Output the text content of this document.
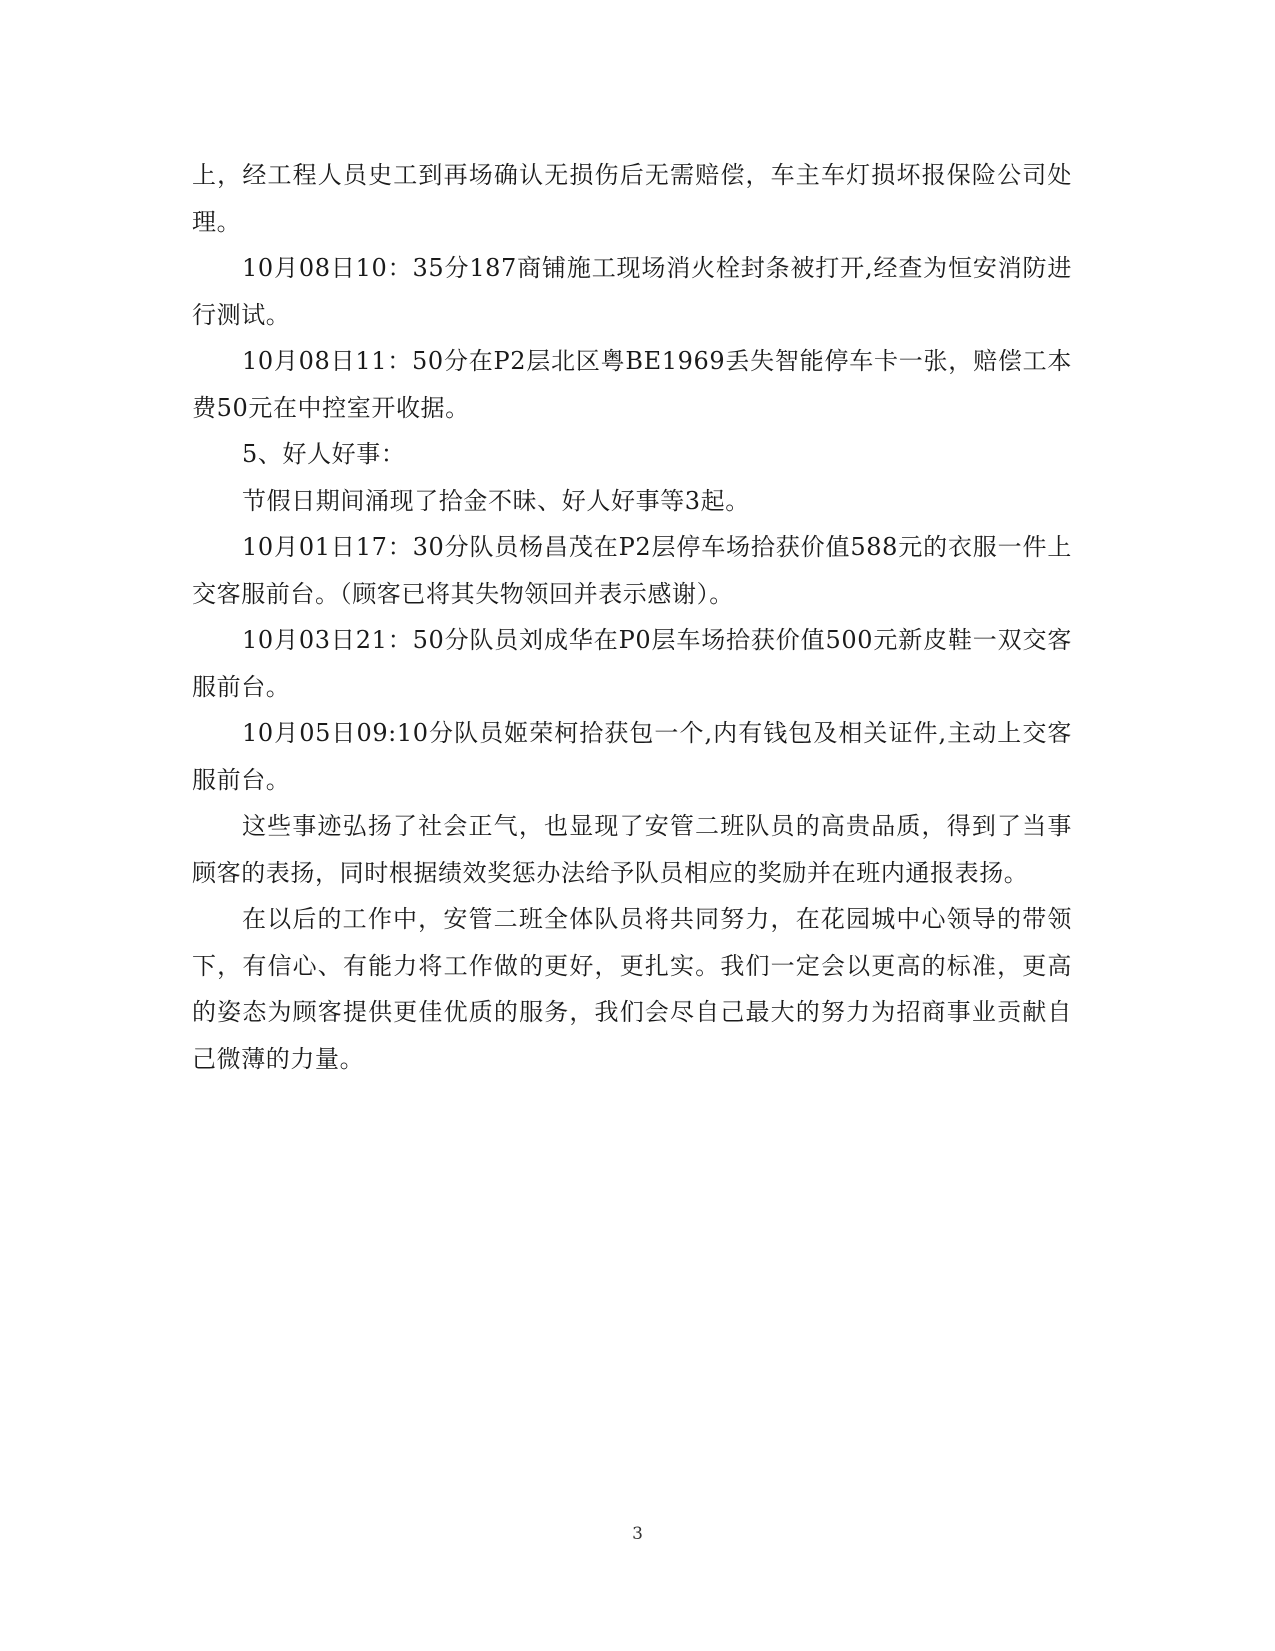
上，经工程人员史工到再场确认无损伤后无需赔偿，车主车灯损坏报保险公司处理。

10月08日10：35分187商铺施工现场消火栓封条被打开,经查为恒安消防进行测试。

10月08日11：50分在P2层北区粤BE1969丢失智能停车卡一张，赔偿工本费50元在中控室开收据。

5、好人好事：

节假日期间涌现了拾金不昧、好人好事等3起。

10月01日17：30分队员杨昌茂在P2层停车场拾获价值588元的衣服一件上交客服前台。（顾客已将其失物领回并表示感谢）。

10月03日21：50分队员刘成华在P0层车场拾获价值500元新皮鞋一双交客服前台。

10月05日09:10分队员姬荣柯拾获包一个,内有钱包及相关证件,主动上交客服前台。

这些事迹弘扬了社会正气，也显现了安管二班队员的高贵品质，得到了当事顾客的表扬，同时根据绩效奖惩办法给予队员相应的奖励并在班内通报表扬。

在以后的工作中，安管二班全体队员将共同努力，在花园城中心领导的带领下，有信心、有能力将工作做的更好，更扎实。我们一定会以更高的标准，更高的姿态为顾客提供更佳优质的服务，我们会尽自己最大的努力为招商事业贡献自己微薄的力量。

3
